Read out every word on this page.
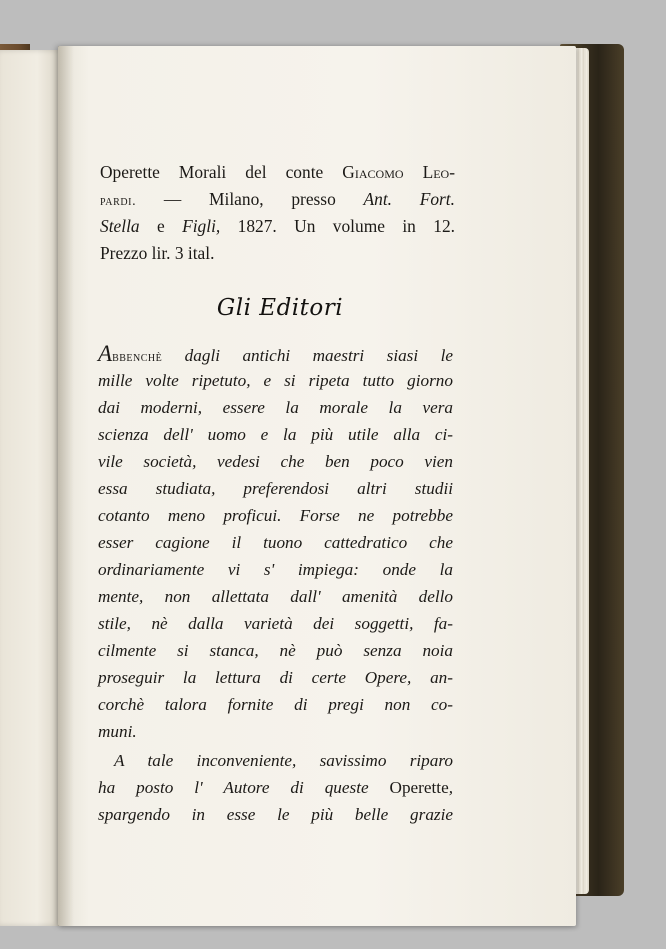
Operette Morali del conte Giacomo Leo-
pardi. — Milano, presso Ant. Fort.
Stella e Figli, 1827. Un volume in 12.
Prezzo lir. 3 ital.
Gli Editori
Abbenchè dagli antichi maestri siasi le
mille volte ripetuto, e si ripeta tutto giorno
dai moderni, essere la morale la vera
scienza dell' uomo e la più utile alla ci-
vile società, vedesi che ben poco vien
essa studiata, preferendosi altri studii
cotanto meno proficui. Forse ne potrebbe
esser cagione il tuono cattedratico che
ordinariamente vi s' impiega: onde la
mente, non allettata dall' amenità dello
stile, nè dalla varietà dei soggetti, fa-
cilmente si stanca, nè può senza noia
proseguir la lettura di certe Opere, an-
corchè talora fornite di pregi non co-
muni.
A tale inconveniente, savissimo riparo
ha posto l' Autore di queste Operette,
spargendo in esse le più belle grazie
